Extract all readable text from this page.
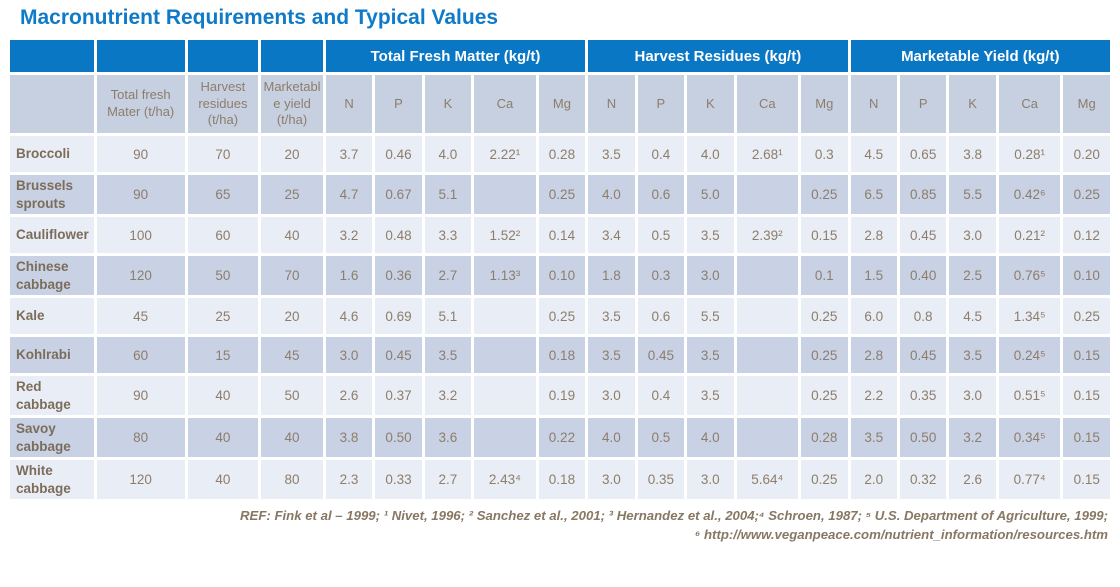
Macronutrient Requirements and Typical Values
				Total Fresh Matter (kg/t)					Harvest Residues (kg/t)					Marketable Yield (kg/t)				
	Total fresh Mater (t/ha)	Harvest residues (t/ha)	Marketable yield (t/ha)	N	P	K	Ca	Mg	N	P	K	Ca	Mg	N	P	K	Ca	Mg
Broccoli	90	70	20	3.7	0.46	4.0	2.22¹	0.28	3.5	0.4	4.0	2.68¹	0.3	4.5	0.65	3.8	0.28¹	0.20
Brussels sprouts	90	65	25	4.7	0.67	5.1		0.25	4.0	0.6	5.0		0.25	6.5	0.85	5.5	0.42⁶	0.25
Cauliflower	100	60	40	3.2	0.48	3.3	1.52²	0.14	3.4	0.5	3.5	2.39²	0.15	2.8	0.45	3.0	0.21²	0.12
Chinese cabbage	120	50	70	1.6	0.36	2.7	1.13³	0.10	1.8	0.3	3.0		0.1	1.5	0.40	2.5	0.76⁵	0.10
Kale	45	25	20	4.6	0.69	5.1		0.25	3.5	0.6	5.5		0.25	6.0	0.8	4.5	1.34⁵	0.25
Kohlrabi	60	15	45	3.0	0.45	3.5		0.18	3.5	0.45	3.5		0.25	2.8	0.45	3.5	0.24⁵	0.15
Red cabbage	90	40	50	2.6	0.37	3.2		0.19	3.0	0.4	3.5		0.25	2.2	0.35	3.0	0.51⁵	0.15
Savoy cabbage	80	40	40	3.8	0.50	3.6		0.22	4.0	0.5	4.0		0.28	3.5	0.50	3.2	0.34⁵	0.15
White cabbage	120	40	80	2.3	0.33	2.7	2.43⁴	0.18	3.0	0.35	3.0	5.64⁴	0.25	2.0	0.32	2.6	0.77⁴	0.15
REF: Fink et al – 1999; ¹ Nivet, 1996; ² Sanchez et al., 2001; ³ Hernandez et al., 2004;⁴ Schroen, 1987; ⁵ U.S. Department of Agriculture, 1999;
⁶ http://www.veganpeace.com/nutrient_information/resources.htm
